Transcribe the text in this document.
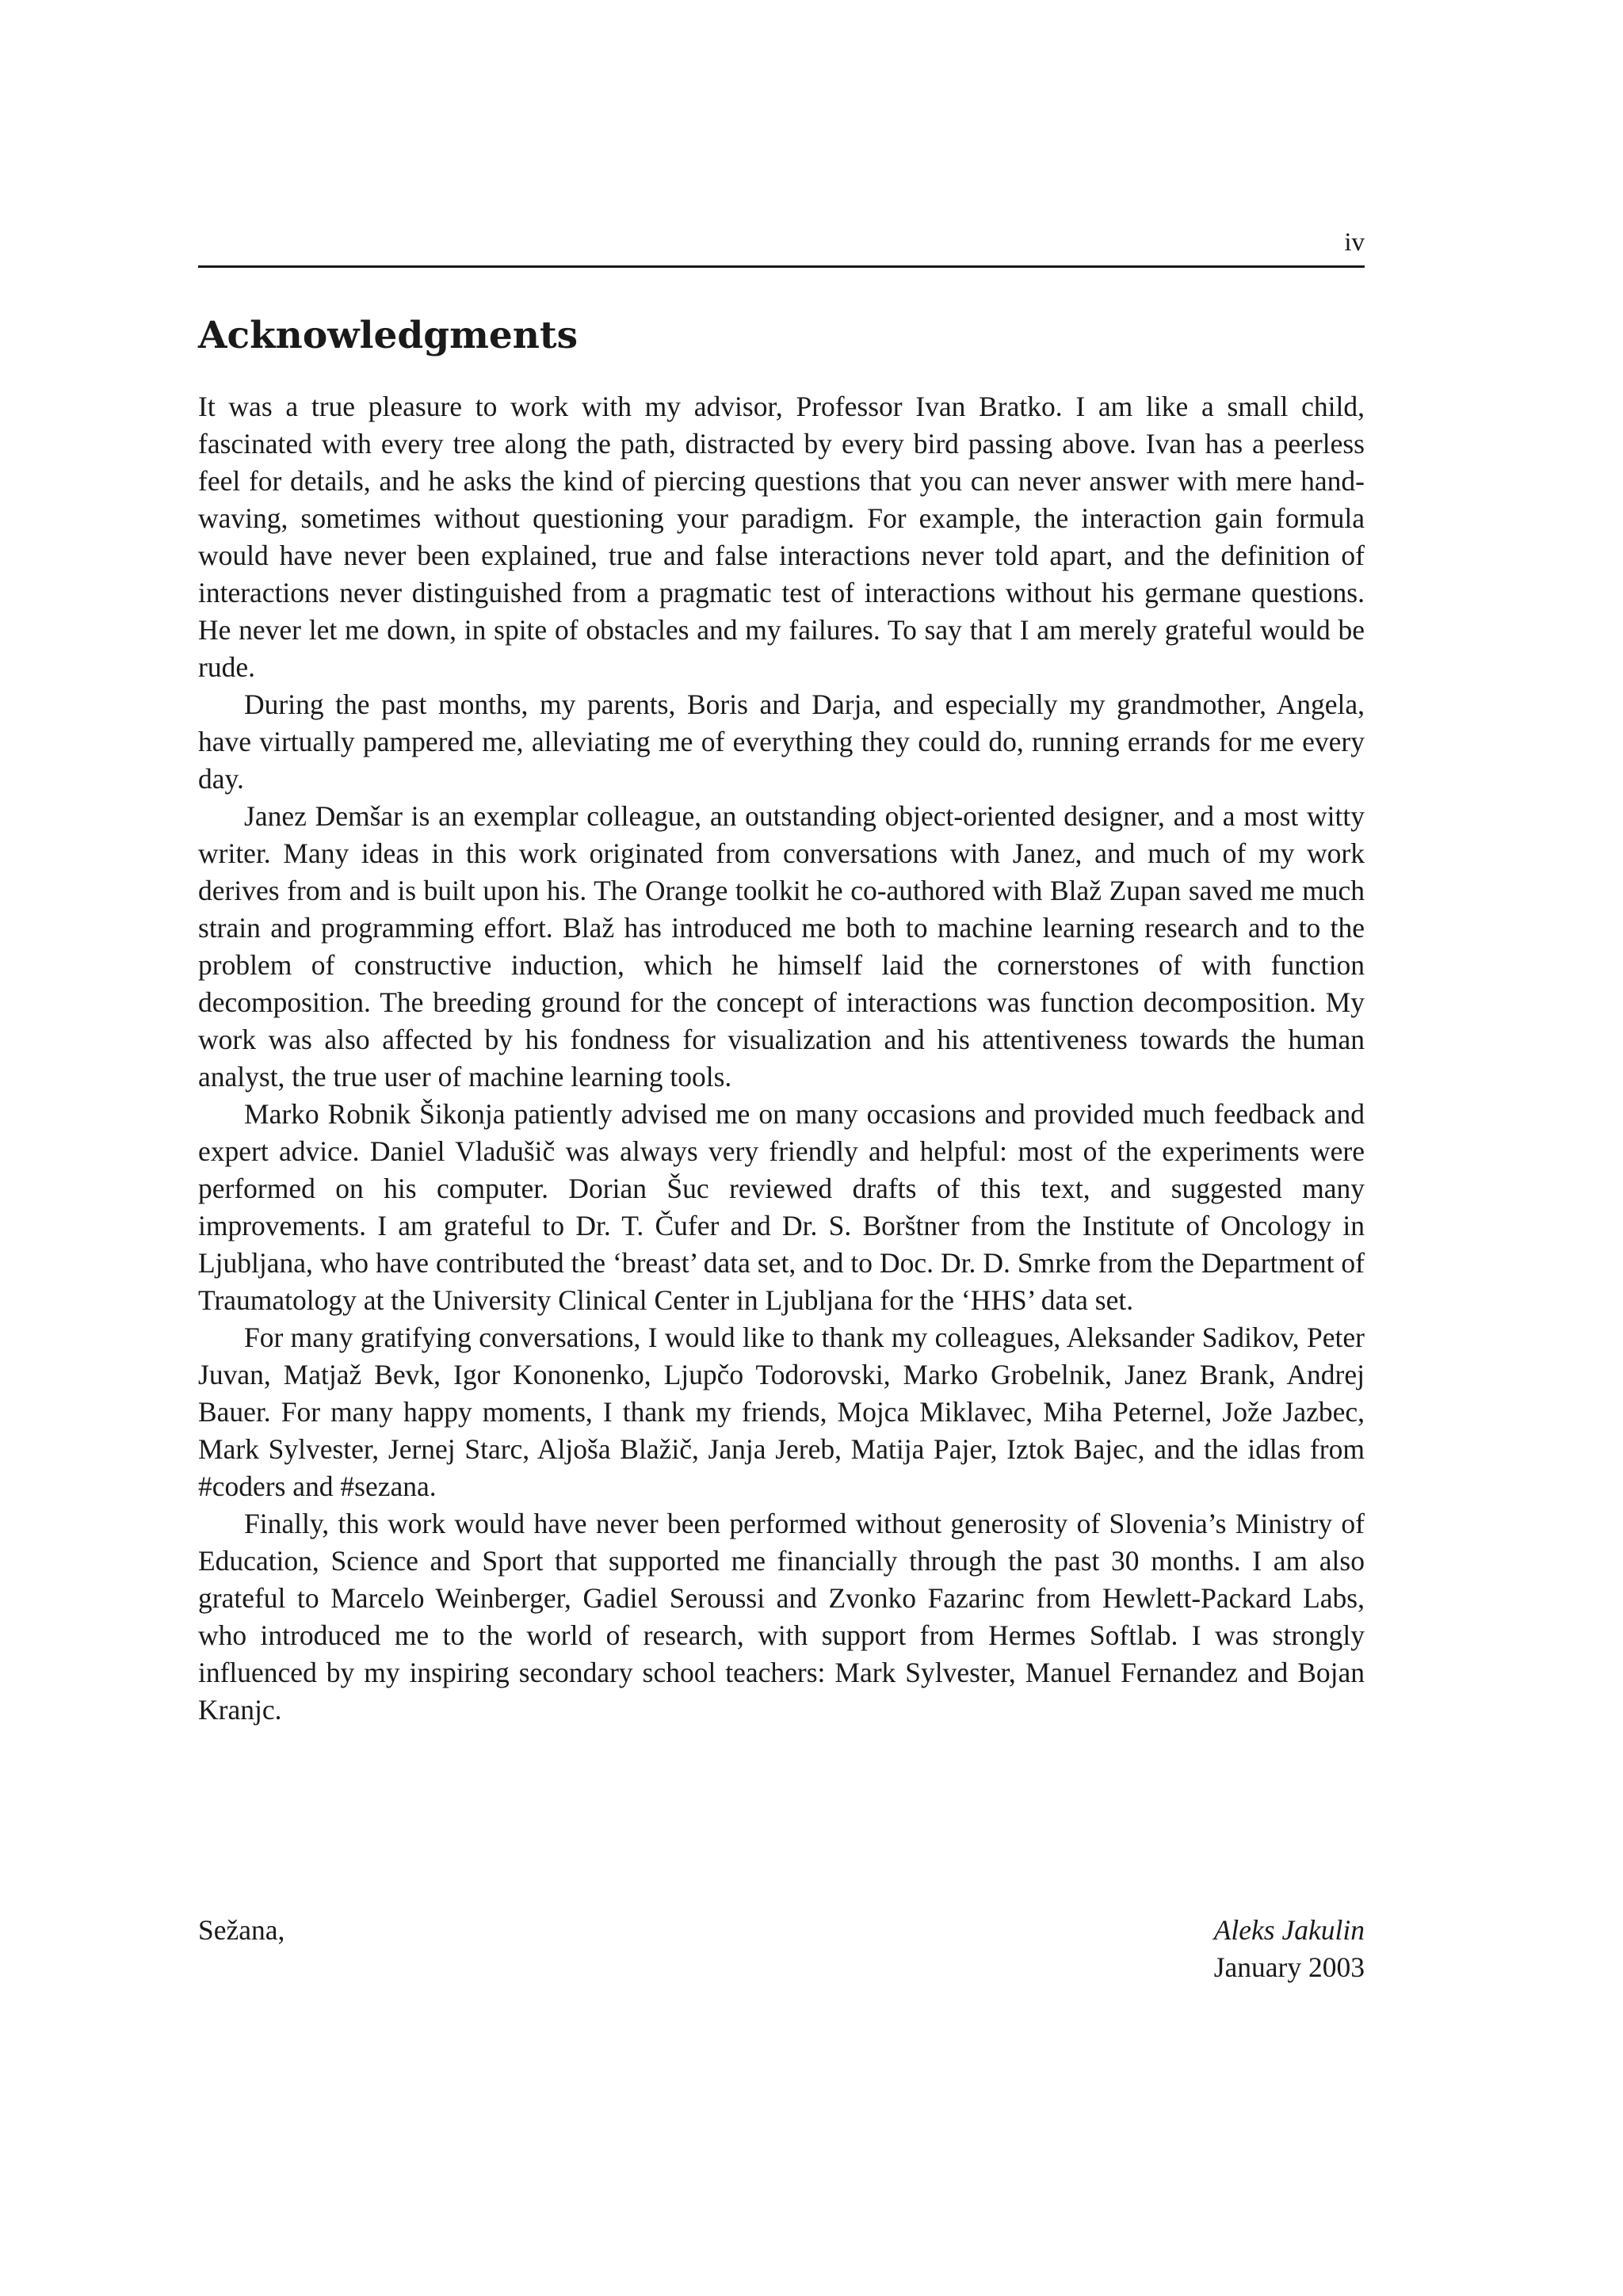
iv
Acknowledgments

It was a true pleasure to work with my advisor, Professor Ivan Bratko. I am like a small child, fascinated with every tree along the path, distracted by every bird passing above. Ivan has a peerless feel for details, and he asks the kind of piercing questions that you can never answer with mere hand-waving, sometimes without questioning your paradigm. For example, the interaction gain formula would have never been explained, true and false interactions never told apart, and the definition of interactions never distinguished from a pragmatic test of interactions without his germane questions. He never let me down, in spite of obstacles and my failures. To say that I am merely grateful would be rude.

During the past months, my parents, Boris and Darja, and especially my grandmother, Angela, have virtually pampered me, alleviating me of everything they could do, running errands for me every day.

Janez Demšar is an exemplar colleague, an outstanding object-oriented designer, and a most witty writer. Many ideas in this work originated from conversations with Janez, and much of my work derives from and is built upon his. The Orange toolkit he co-authored with Blaž Zupan saved me much strain and programming effort. Blaž has introduced me both to machine learning research and to the problem of constructive induction, which he himself laid the cornerstones of with function decomposition. The breeding ground for the concept of interactions was function decomposition. My work was also affected by his fondness for visualization and his attentiveness towards the human analyst, the true user of machine learning tools.

Marko Robnik Šikonja patiently advised me on many occasions and provided much feedback and expert advice. Daniel Vladušič was always very friendly and helpful: most of the experiments were performed on his computer. Dorian Šuc reviewed drafts of this text, and suggested many improvements. I am grateful to Dr. T. Čufer and Dr. S. Borštner from the Institute of Oncology in Ljubljana, who have contributed the ‘breast’ data set, and to Doc. Dr. D. Smrke from the Department of Traumatology at the University Clinical Center in Ljubljana for the ‘HHS’ data set.

For many gratifying conversations, I would like to thank my colleagues, Aleksander Sadikov, Peter Juvan, Matjaž Bevk, Igor Kononenko, Ljupčo Todorovski, Marko Grobelnik, Janez Brank, Andrej Bauer. For many happy moments, I thank my friends, Mojca Miklavec, Miha Peternel, Jože Jazbec, Mark Sylvester, Jernej Starc, Aljoša Blažič, Janja Jereb, Matija Pajer, Iztok Bajec, and the idlas from #coders and #sezana.

Finally, this work would have never been performed without generosity of Slovenia’s Ministry of Education, Science and Sport that supported me financially through the past 30 months. I am also grateful to Marcelo Weinberger, Gadiel Seroussi and Zvonko Fazarinc from Hewlett-Packard Labs, who introduced me to the world of research, with support from Hermes Softlab. I was strongly influenced by my inspiring secondary school teachers: Mark Sylvester, Manuel Fernandez and Bojan Kranjc.

Sežana,	Aleks Jakulin
January 2003
